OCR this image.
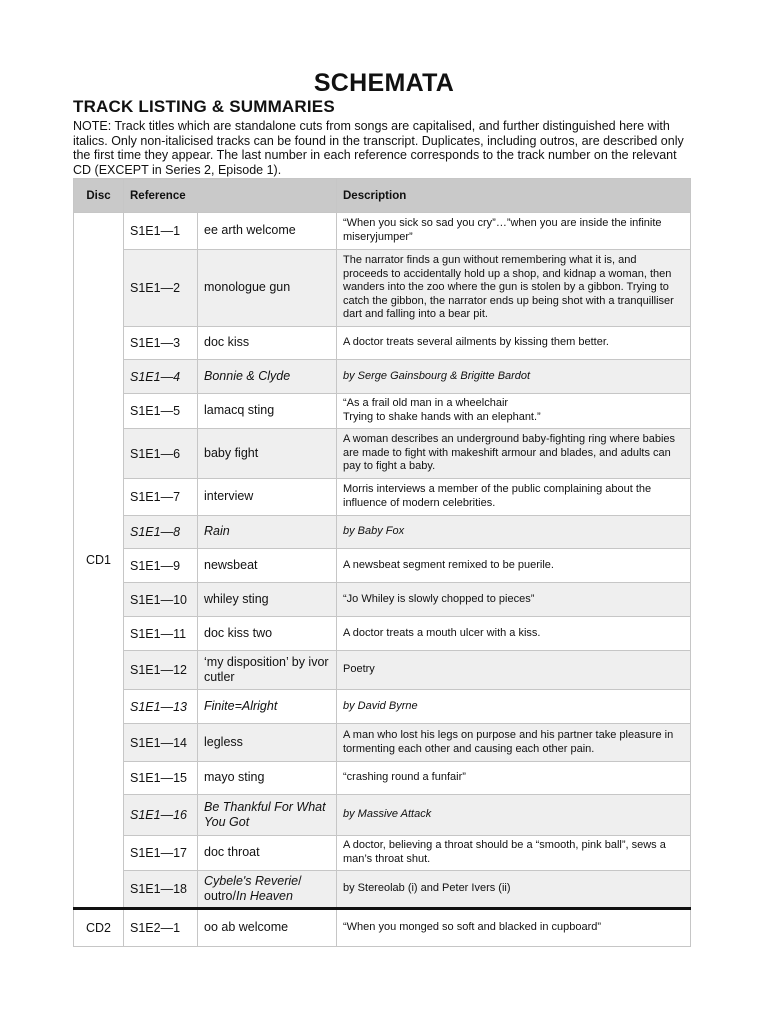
SCHEMATA
TRACK LISTING & SUMMARIES
NOTE: Track titles which are standalone cuts from songs are capitalised, and further distinguished here with italics. Only non-italicised tracks can be found in the transcript. Duplicates, including outros, are described only the first time they appear. The last number in each reference corresponds to the track number on the relevant CD (EXCEPT in Series 2, Episode 1).
Disc	Reference		Description
CD1	S1E1—1	ee arth welcome	“When you sick so sad you cry”…”when you are inside the infinite miseryjumper”
	S1E1—2	monologue gun	The narrator finds a gun without remembering what it is, and proceeds to accidentally hold up a shop, and kidnap a woman, then wanders into the zoo where the gun is stolen by a gibbon. Trying to catch the gibbon, the narrator ends up being shot with a tranquilliser dart and falling into a bear pit.
	S1E1—3	doc kiss	A doctor treats several ailments by kissing them better.
	S1E1—4	Bonnie & Clyde	by Serge Gainsbourg & Brigitte Bardot
	S1E1—5	lamacq sting	“As a frail old man in a wheelchair
Trying to shake hands with an elephant.”
	S1E1—6	baby fight	A woman describes an underground baby-fighting ring where babies are made to fight with makeshift armour and blades, and adults can pay to fight a baby.
	S1E1—7	interview	Morris interviews a member of the public complaining about the influence of modern celebrities.
	S1E1—8	Rain	by Baby Fox
	S1E1—9	newsbeat	A newsbeat segment remixed to be puerile.
	S1E1—10	whiley sting	“Jo Whiley is slowly chopped to pieces”
	S1E1—11	doc kiss two	A doctor treats a mouth ulcer with a kiss.
	S1E1—12	‘my disposition’ by ivor cutler	Poetry
	S1E1—13	Finite=Alright	by David Byrne
	S1E1—14	legless	A man who lost his legs on purpose and his partner take pleasure in tormenting each other and causing each other pain.
	S1E1—15	mayo sting	“crashing round a funfair”
	S1E1—16	Be Thankful For What You Got	by Massive Attack
	S1E1—17	doc throat	A doctor, believing a throat should be a “smooth, pink ball”, sews a man’s throat shut.
	S1E1—18	Cybele's Reverie/ outro/In Heaven	by Stereolab (i) and Peter Ivers (ii)
CD2	S1E2—1	oo ab welcome	“When you monged so soft and blacked in cupboard”
